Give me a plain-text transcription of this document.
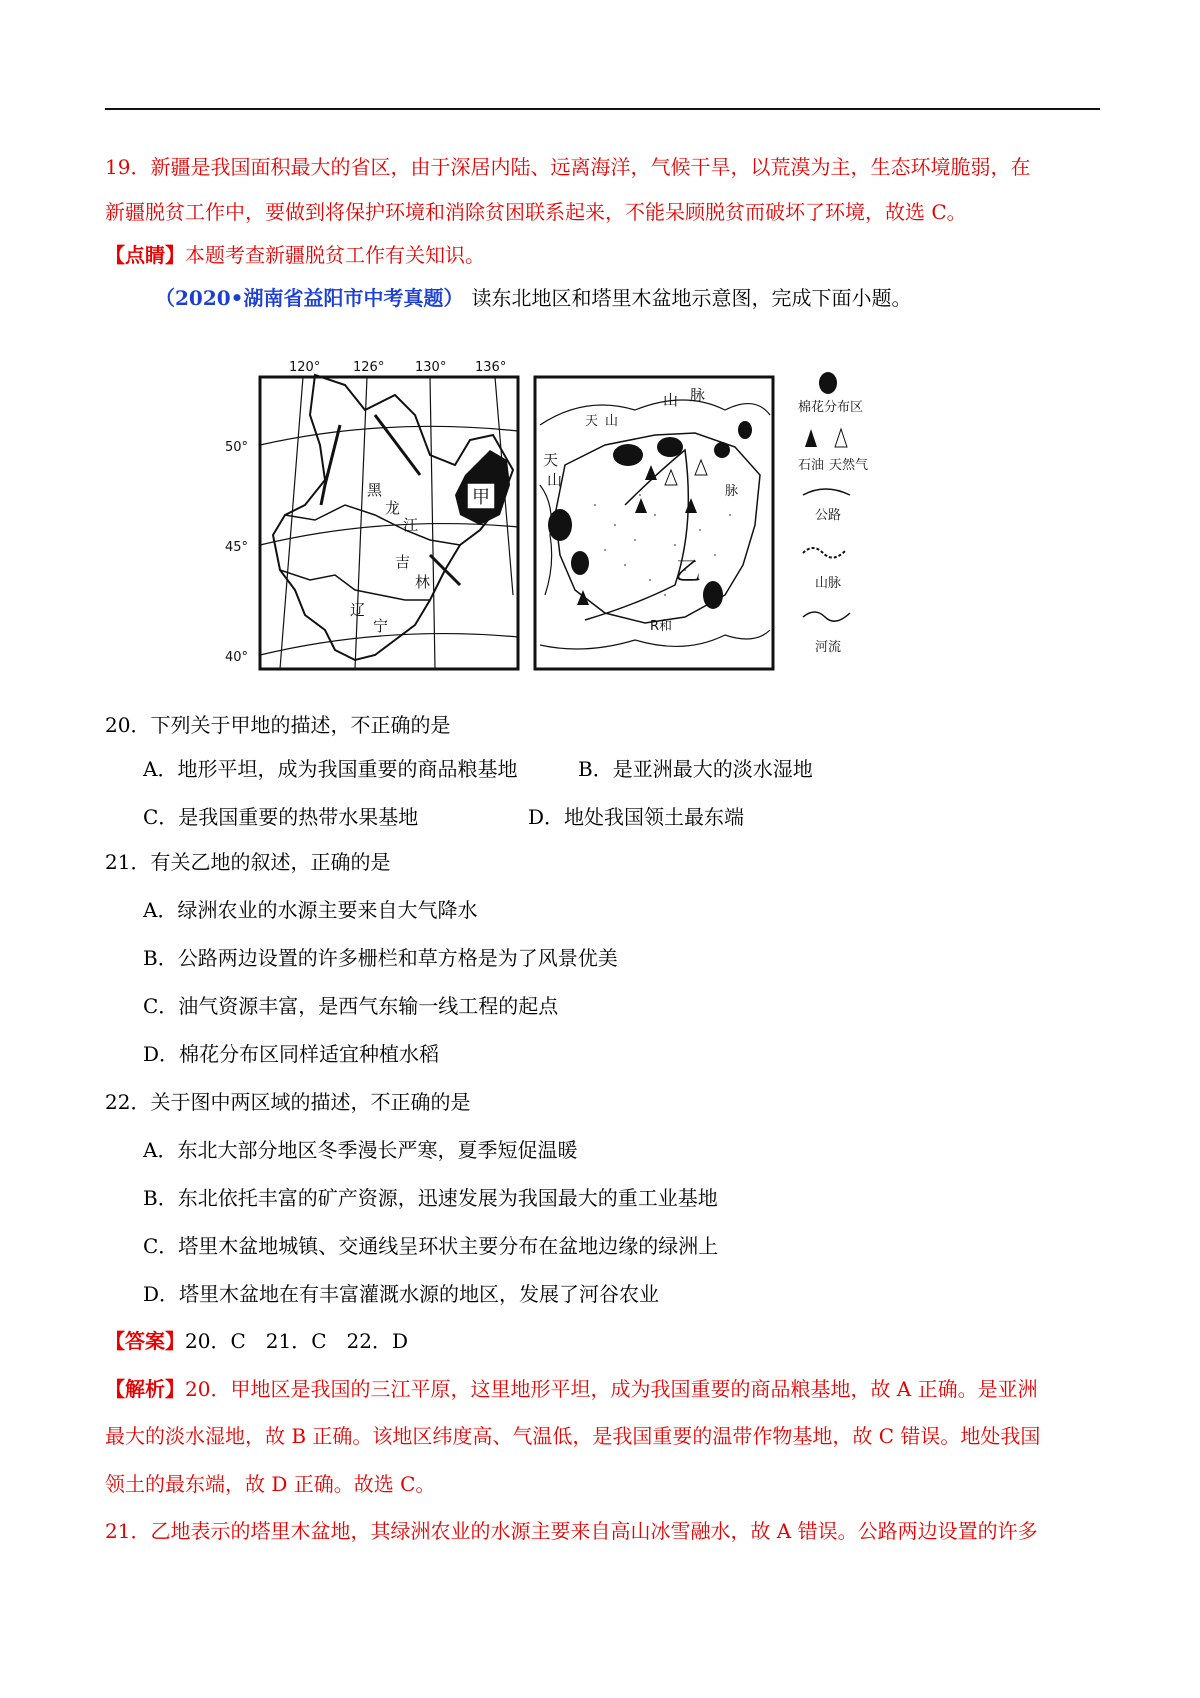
19．新疆是我国面积最大的省区，由于深居内陆、远离海洋，气候干旱，以荒漠为主，生态环境脆弱，在
新疆脱贫工作中，要做到将保护环境和消除贫困联系起来，不能呆顾脱贫而破坏了环境，故选 C。
【点睛】本题考查新疆脱贫工作有关知识。
（2020•湖南省益阳市中考真题） 读东北地区和塔里木盆地示意图，完成下面小题。
甲
黑
龙
江
吉
林
辽
宁
120°	126° 130° 136°
50°
45°
40°
乙
山 脉
天
山
脉
天 山
R和
棉花分布区
石油 天然气
公路
山脉
河流
20．下列关于甲地的描述，不正确的是
A．地形平坦，成为我国重要的商品粮基地	B．是亚洲最大的淡水湿地
C．是我国重要的热带水果基地	D．地处我国领土最东端
21．有关乙地的叙述，正确的是
A．绿洲农业的水源主要来自大气降水
B．公路两边设置的许多栅栏和草方格是为了风景优美
C．油气资源丰富，是西气东输一线工程的起点
D．棉花分布区同样适宜种植水稻
22．关于图中两区域的描述，不正确的是
A．东北大部分地区冬季漫长严寒，夏季短促温暖
B．东北依托丰富的矿产资源，迅速发展为我国最大的重工业基地
C．塔里木盆地城镇、交通线呈环状主要分布在盆地边缘的绿洲上
D．塔里木盆地在有丰富灌溉水源的地区，发展了河谷农业
【答案】20．C　21．C　22．D
【解析】20．甲地区是我国的三江平原，这里地形平坦，成为我国重要的商品粮基地，故 A 正确。是亚洲
最大的淡水湿地，故 B 正确。该地区纬度高、气温低，是我国重要的温带作物基地，故 C 错误。地处我国
领土的最东端，故 D 正确。故选 C。
21．乙地表示的塔里木盆地，其绿洲农业的水源主要来自高山冰雪融水，故 A 错误。公路两边设置的许多
